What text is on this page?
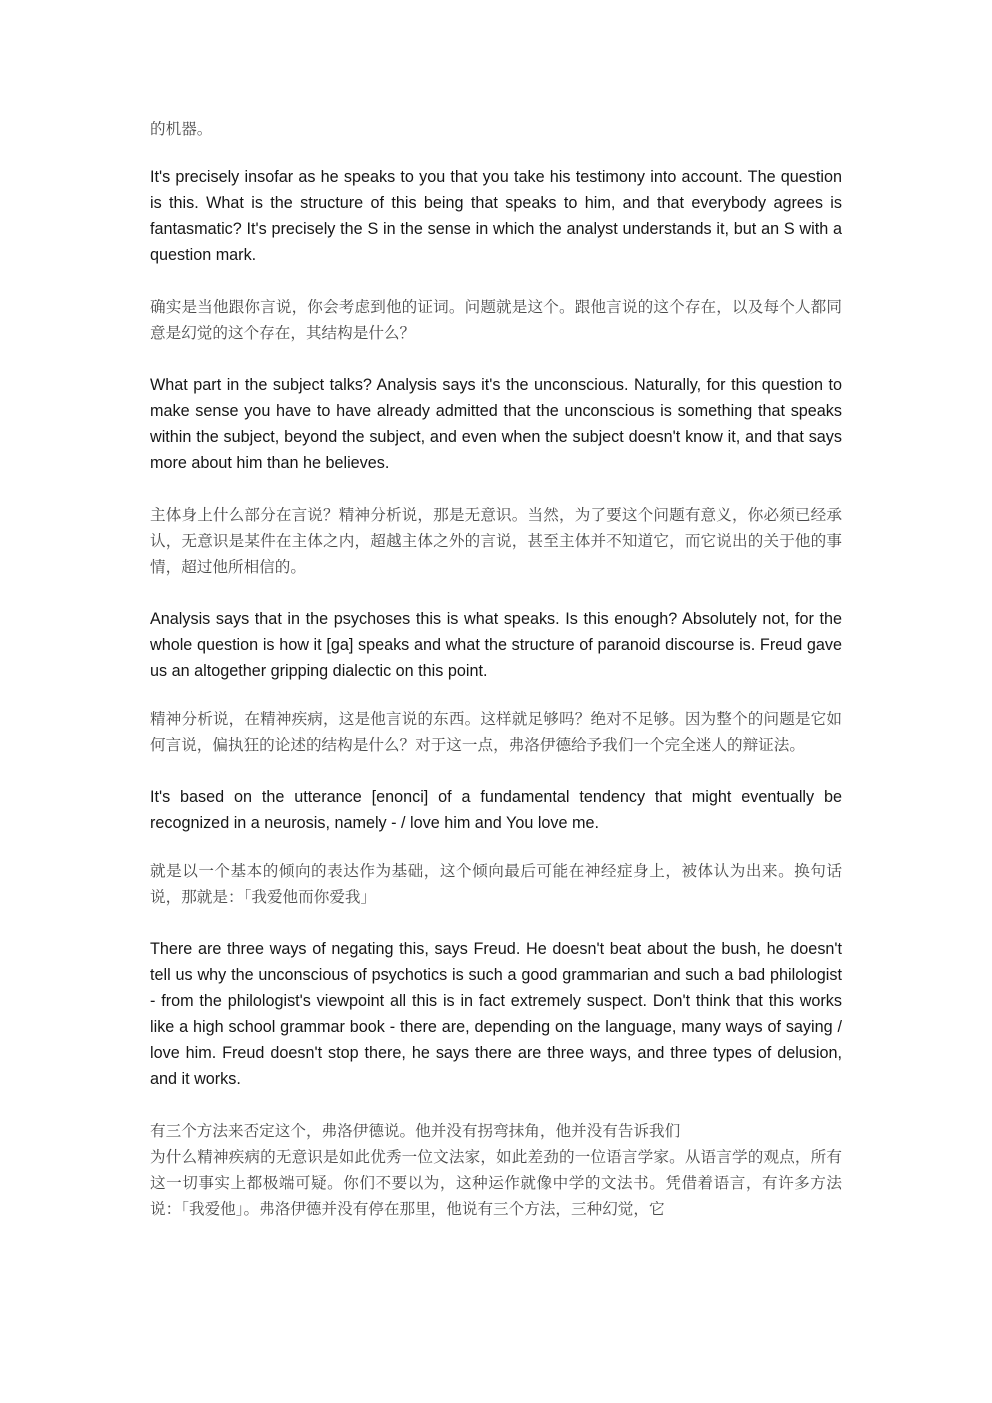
的机器。

It's precisely insofar as he speaks to you that you take his testimony into account. The question is this. What is the structure of this being that speaks to him, and that everybody agrees is fantasmatic? It's precisely the S in the sense in which the analyst understands it, but an S with a question mark.

确实是当他跟你言说，你会考虑到他的证词。问题就是这个。跟他言说的这个存在，以及每个人都同意是幻觉的这个存在，其结构是什么？

What part in the subject talks? Analysis says it's the unconscious. Naturally, for this question to make sense you have to have already admitted that the unconscious is something that speaks within the subject, beyond the subject, and even when the subject doesn't know it, and that says more about him than he believes.

主体身上什么部分在言说？精神分析说，那是无意识。当然，为了要这个问题有意义，你必须已经承认，无意识是某件在主体之内，超越主体之外的言说，甚至主体并不知道它，而它说出的关于他的事情，超过他所相信的。

Analysis says that in the psychoses this is what speaks. Is this enough? Absolutely not, for the whole question is how it [ga] speaks and what the structure of paranoid discourse is. Freud gave us an altogether gripping dialectic on this point.

精神分析说，在精神疾病，这是他言说的东西。这样就足够吗？绝对不足够。因为整个的问题是它如何言说，偏执狂的论述的结构是什么？对于这一点，弗洛伊德给予我们一个完全迷人的辩证法。

It's based on the utterance [enonci] of a fundamental tendency that might eventually be recognized in a neurosis, namely - / love him and You love me.

就是以一个基本的倾向的表达作为基础，这个倾向最后可能在神经症身上，被体认为出来。换句话说，那就是：「我爱他而你爱我」

There are three ways of negating this, says Freud. He doesn't beat about the bush, he doesn't tell us why the unconscious of psychotics is such a good grammarian and such a bad philologist - from the philologist's viewpoint all this is in fact extremely suspect. Don't think that this works like a high school grammar book - there are, depending on the language, many ways of saying / love him. Freud doesn't stop there, he says there are three ways, and three types of delusion, and it works.

有三个方法来否定这个，弗洛伊德说。他并没有拐弯抹角，他并没有告诉我们
为什么精神疾病的无意识是如此优秀一位文法家，如此差劲的一位语言学家。从语言学的观点，所有这一切事实上都极端可疑。你们不要以为，这种运作就像中学的文法书。凭借着语言，有许多方法说：「我爱他」。弗洛伊德并没有停在那里，他说有三个方法，三种幻觉，它
